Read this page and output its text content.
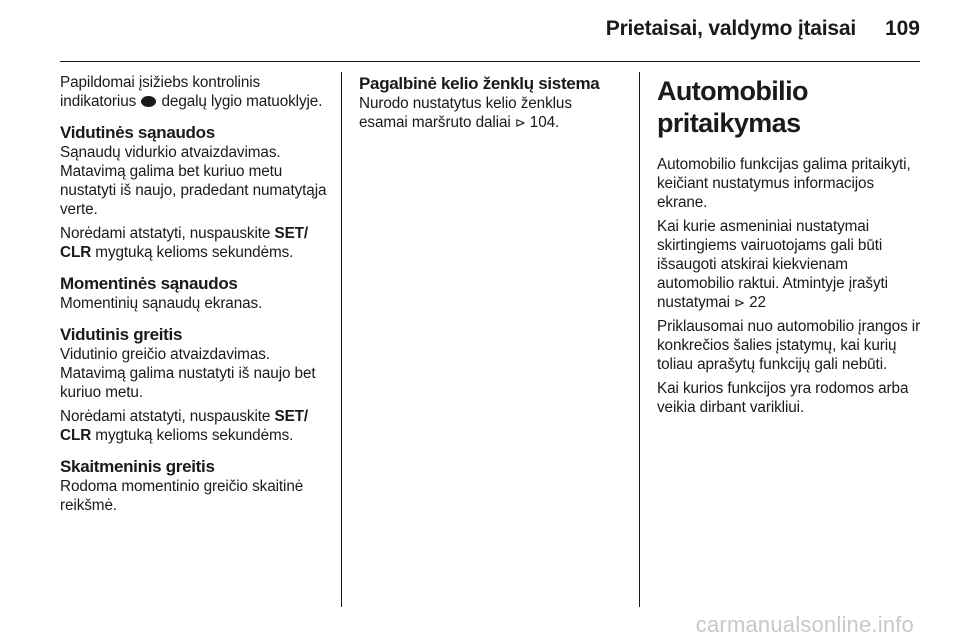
Prietaisai, valdymo įtaisai 109

Papildomai įsižiebs kontrolinis indikatorius degalų lygio matuoklyje.

Vidutinės sąnaudos

Sąnaudų vidurkio atvaizdavimas. Matavimą galima bet kuriuo metu nustatyti iš naujo, pradedant numatytąja verte.

Norėdami atstatyti, nuspauskite SET/ CLR mygtuką kelioms sekundėms.

Momentinės sąnaudos

Momentinių sąnaudų ekranas.

Vidutinis greitis

Vidutinio greičio atvaizdavimas. Matavimą galima nustatyti iš naujo bet kuriuo metu.

Norėdami atstatyti, nuspauskite SET/ CLR mygtuką kelioms sekundėms.

Skaitmeninis greitis

Rodoma momentinio greičio skaitinė reikšmė.

Pagalbinė kelio ženklų sistema

Nurodo nustatytus kelio ženklus esamai maršruto daliai ⊳ 104.

Automobilio pritaikymas

Automobilio funkcijas galima pritaikyti, keičiant nustatymus informacijos ekrane.

Kai kurie asmeniniai nustatymai skirtingiems vairuotojams gali būti išsaugoti atskirai kiekvienam automobilio raktui. Atmintyje įrašyti nustatymai ⊳ 22

Priklausomai nuo automobilio įrangos ir konkrečios šalies įstatymų, kai kurių toliau aprašytų funkcijų gali nebūti.

Kai kurios funkcijos yra rodomos arba veikia dirbant varikliui.

carmanualsonline.info
